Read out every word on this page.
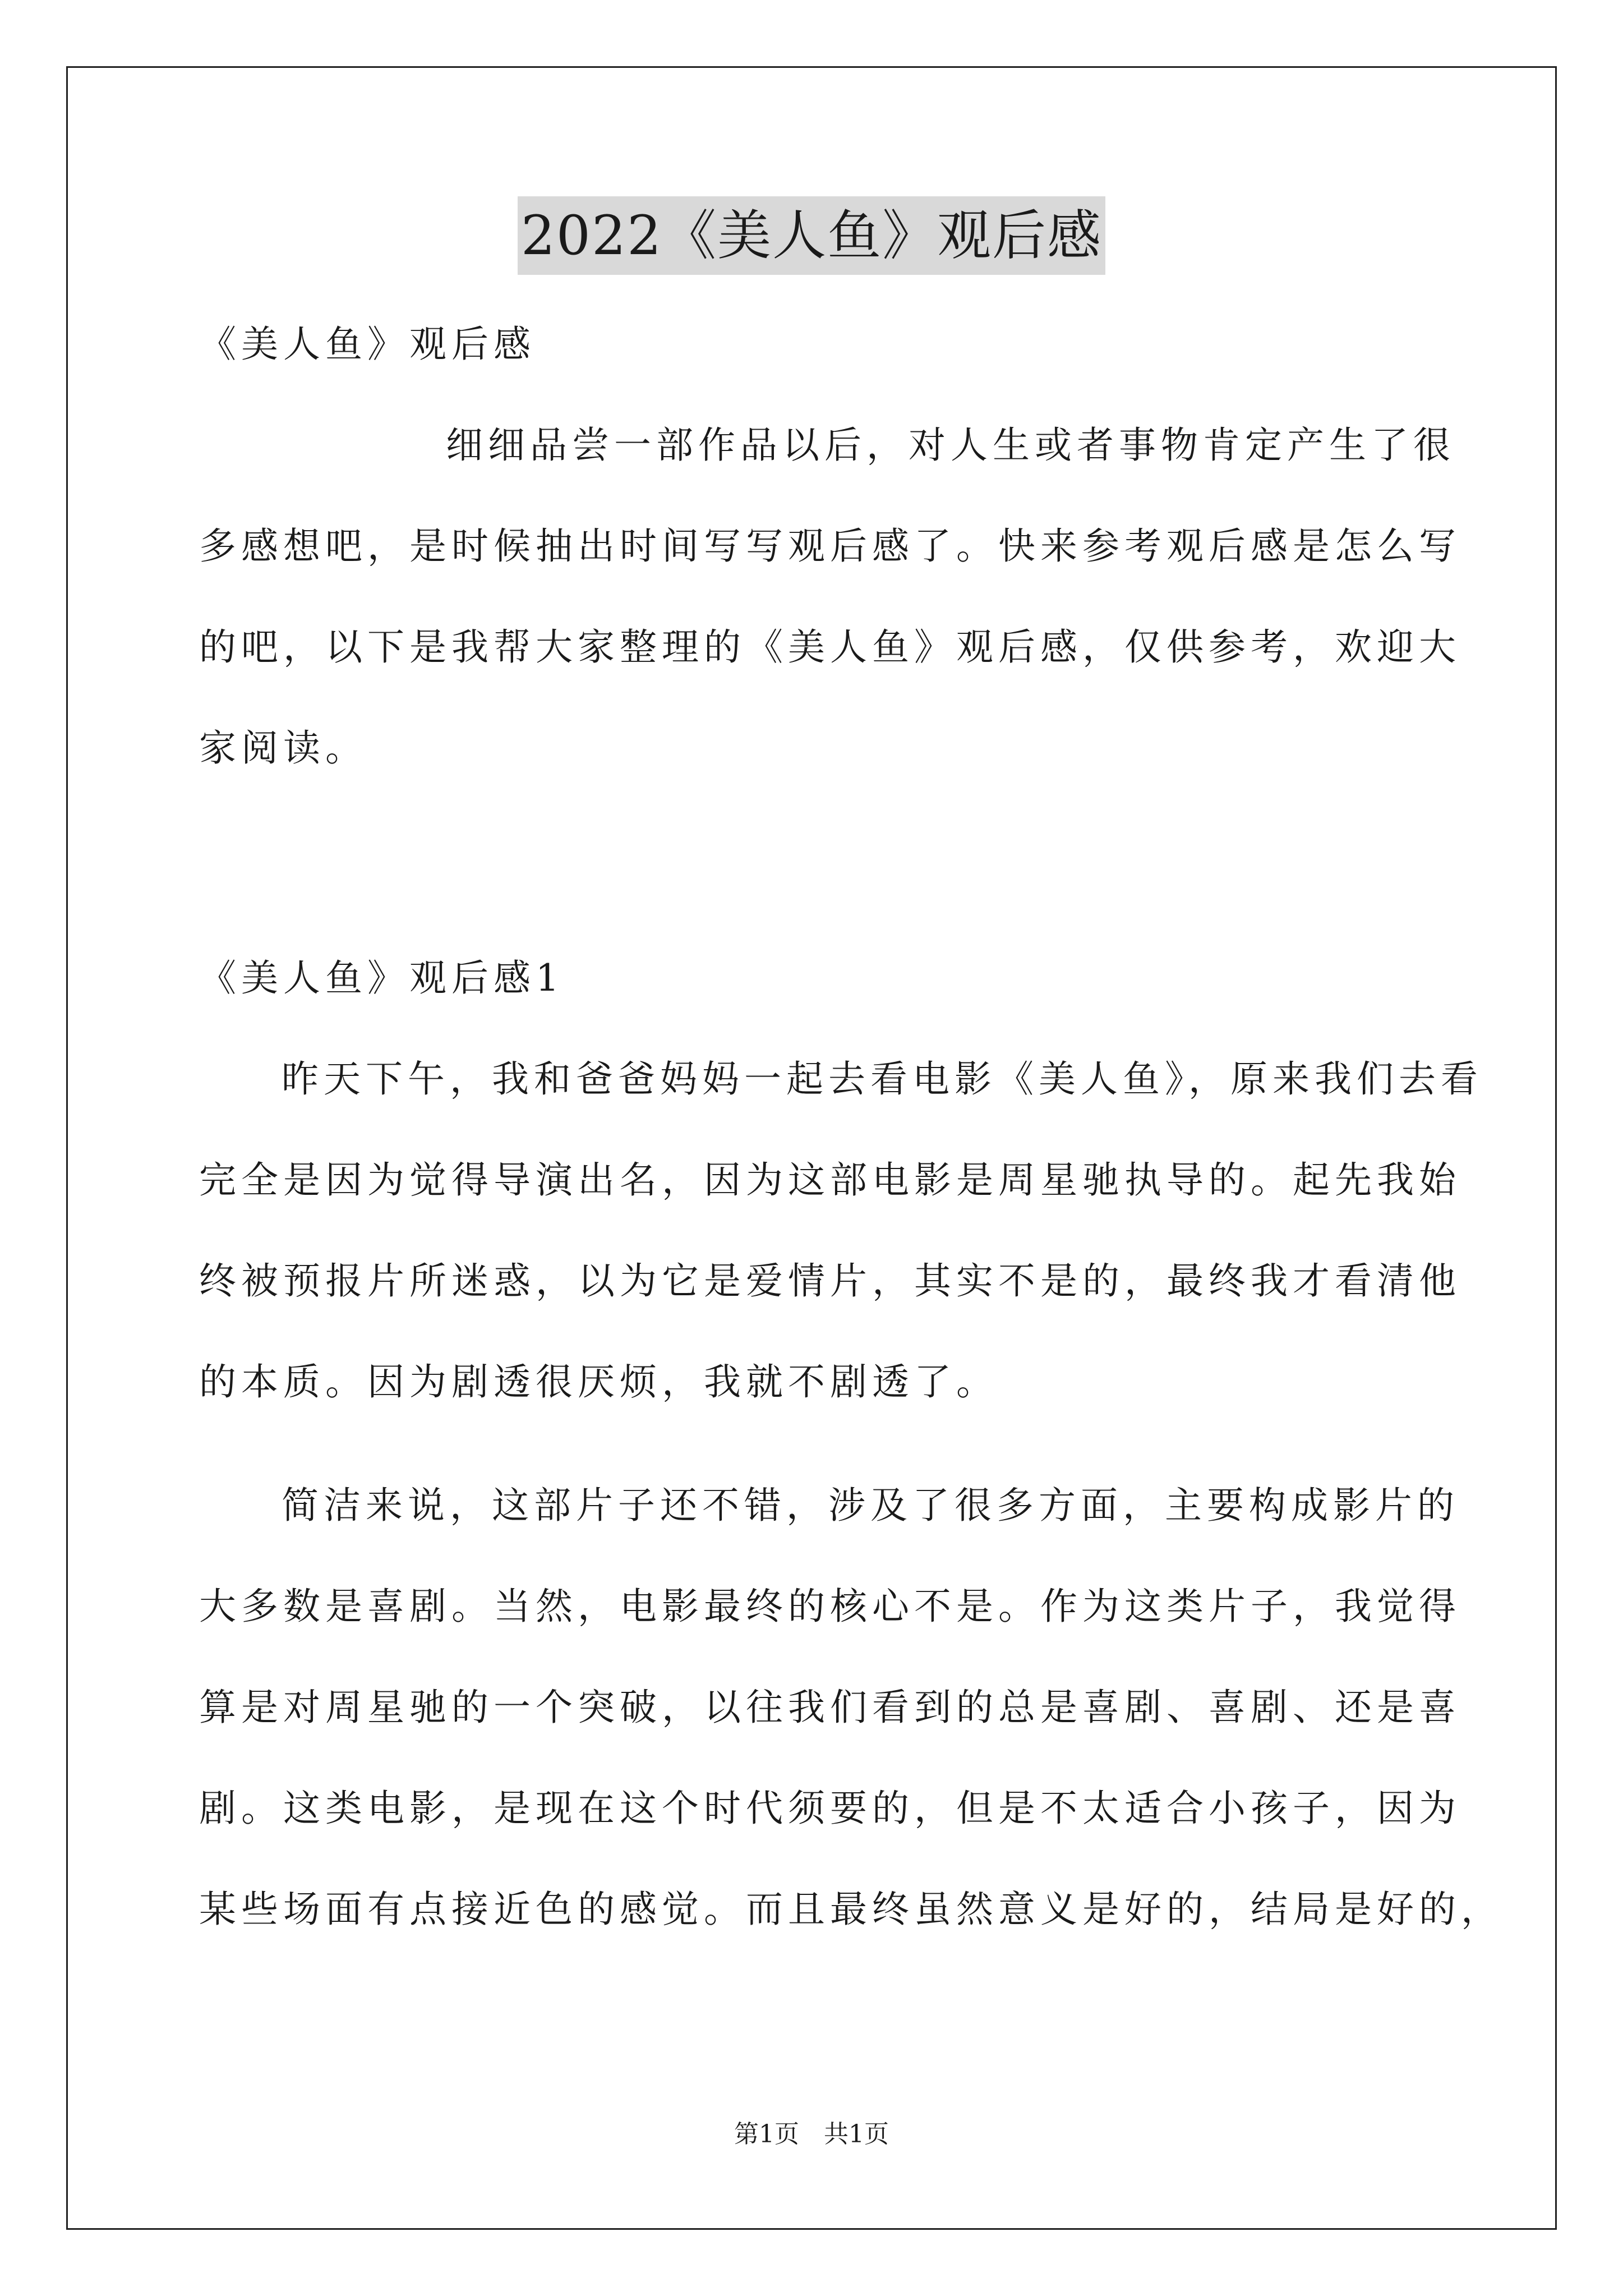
2022《美人鱼》观后感
《美人鱼》观后感
细细品尝一部作品以后，对人生或者事物肯定产生了很
多感想吧，是时候抽出时间写写观后感了。快来参考观后感是怎么写
的吧，以下是我帮大家整理的《美人鱼》观后感，仅供参考，欢迎大
家阅读。
《美人鱼》观后感1
昨天下午，我和爸爸妈妈一起去看电影《美人鱼》，原来我们去看
完全是因为觉得导演出名，因为这部电影是周星驰执导的。起先我始
终被预报片所迷惑，以为它是爱情片，其实不是的，最终我才看清他
的本质。因为剧透很厌烦，我就不剧透了。
简洁来说，这部片子还不错，涉及了很多方面，主要构成影片的
大多数是喜剧。当然，电影最终的核心不是。作为这类片子，我觉得
算是对周星驰的一个突破，以往我们看到的总是喜剧、喜剧、还是喜
剧。这类电影，是现在这个时代须要的，但是不太适合小孩子，因为
某些场面有点接近色的感觉。而且最终虽然意义是好的，结局是好的，
第1页　共1页
